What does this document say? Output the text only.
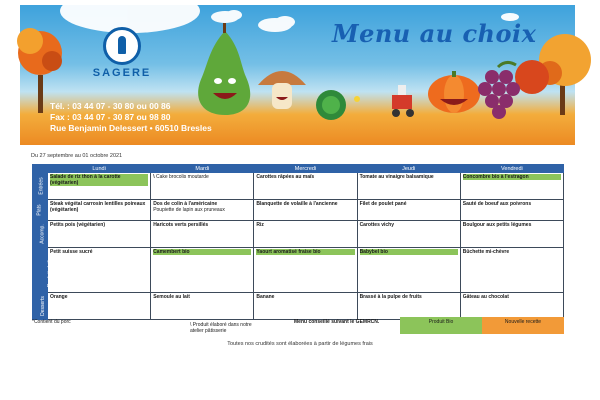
SAGERE
Menu au choix
Tél. : 03 44 07 - 30 80 ou 00 86
Fax : 03 44 07 - 30 87 ou 98 80
Rue Benjamin Delessert • 60510 Bresles
Du 27 septembre au 01 octobre 2021
	Lundi	Mardi	Mercredi	Jeudi	Vendredi
Entrées	Salade de riz thon à la carotte (végétarien)	\ Cake brocolis moutarde	Carottes râpées au maïs	Tomate au vinaigre balsamique	Concombre bio à l'estragon

Plats	Steak végétal carrosin lentilles poireaux (végétarien)	Dos de colin à l'américaine
Poupiette de lapin aux pruneaux	Blanquette de volaille à l'ancienne	Filet de poulet pané	Sauté de boeuf aux poivrons
Accomp.	Petits pois (végétarien)	Haricots verts persillés	Riz	Carottes vichy	Boulgour aux petits légumes
Produits laitiers	Petit suisse sucré	Camembert bio	Yaourt aromatisé fraise bio	Babybel bio	Bûchette mi-chèvre
Desserts	Orange	Semoule au lait	Banane	Brassé à la pulpe de fruits	Gâteau au chocolat
*Contient du porc	\ Produit élaboré dans notre atelier pâtisserie
Menu conseillé suivant le GEMRCN.	Produit Bio	Nouvelle recette
Toutes nos crudités sont élaborées à partir de légumes frais
